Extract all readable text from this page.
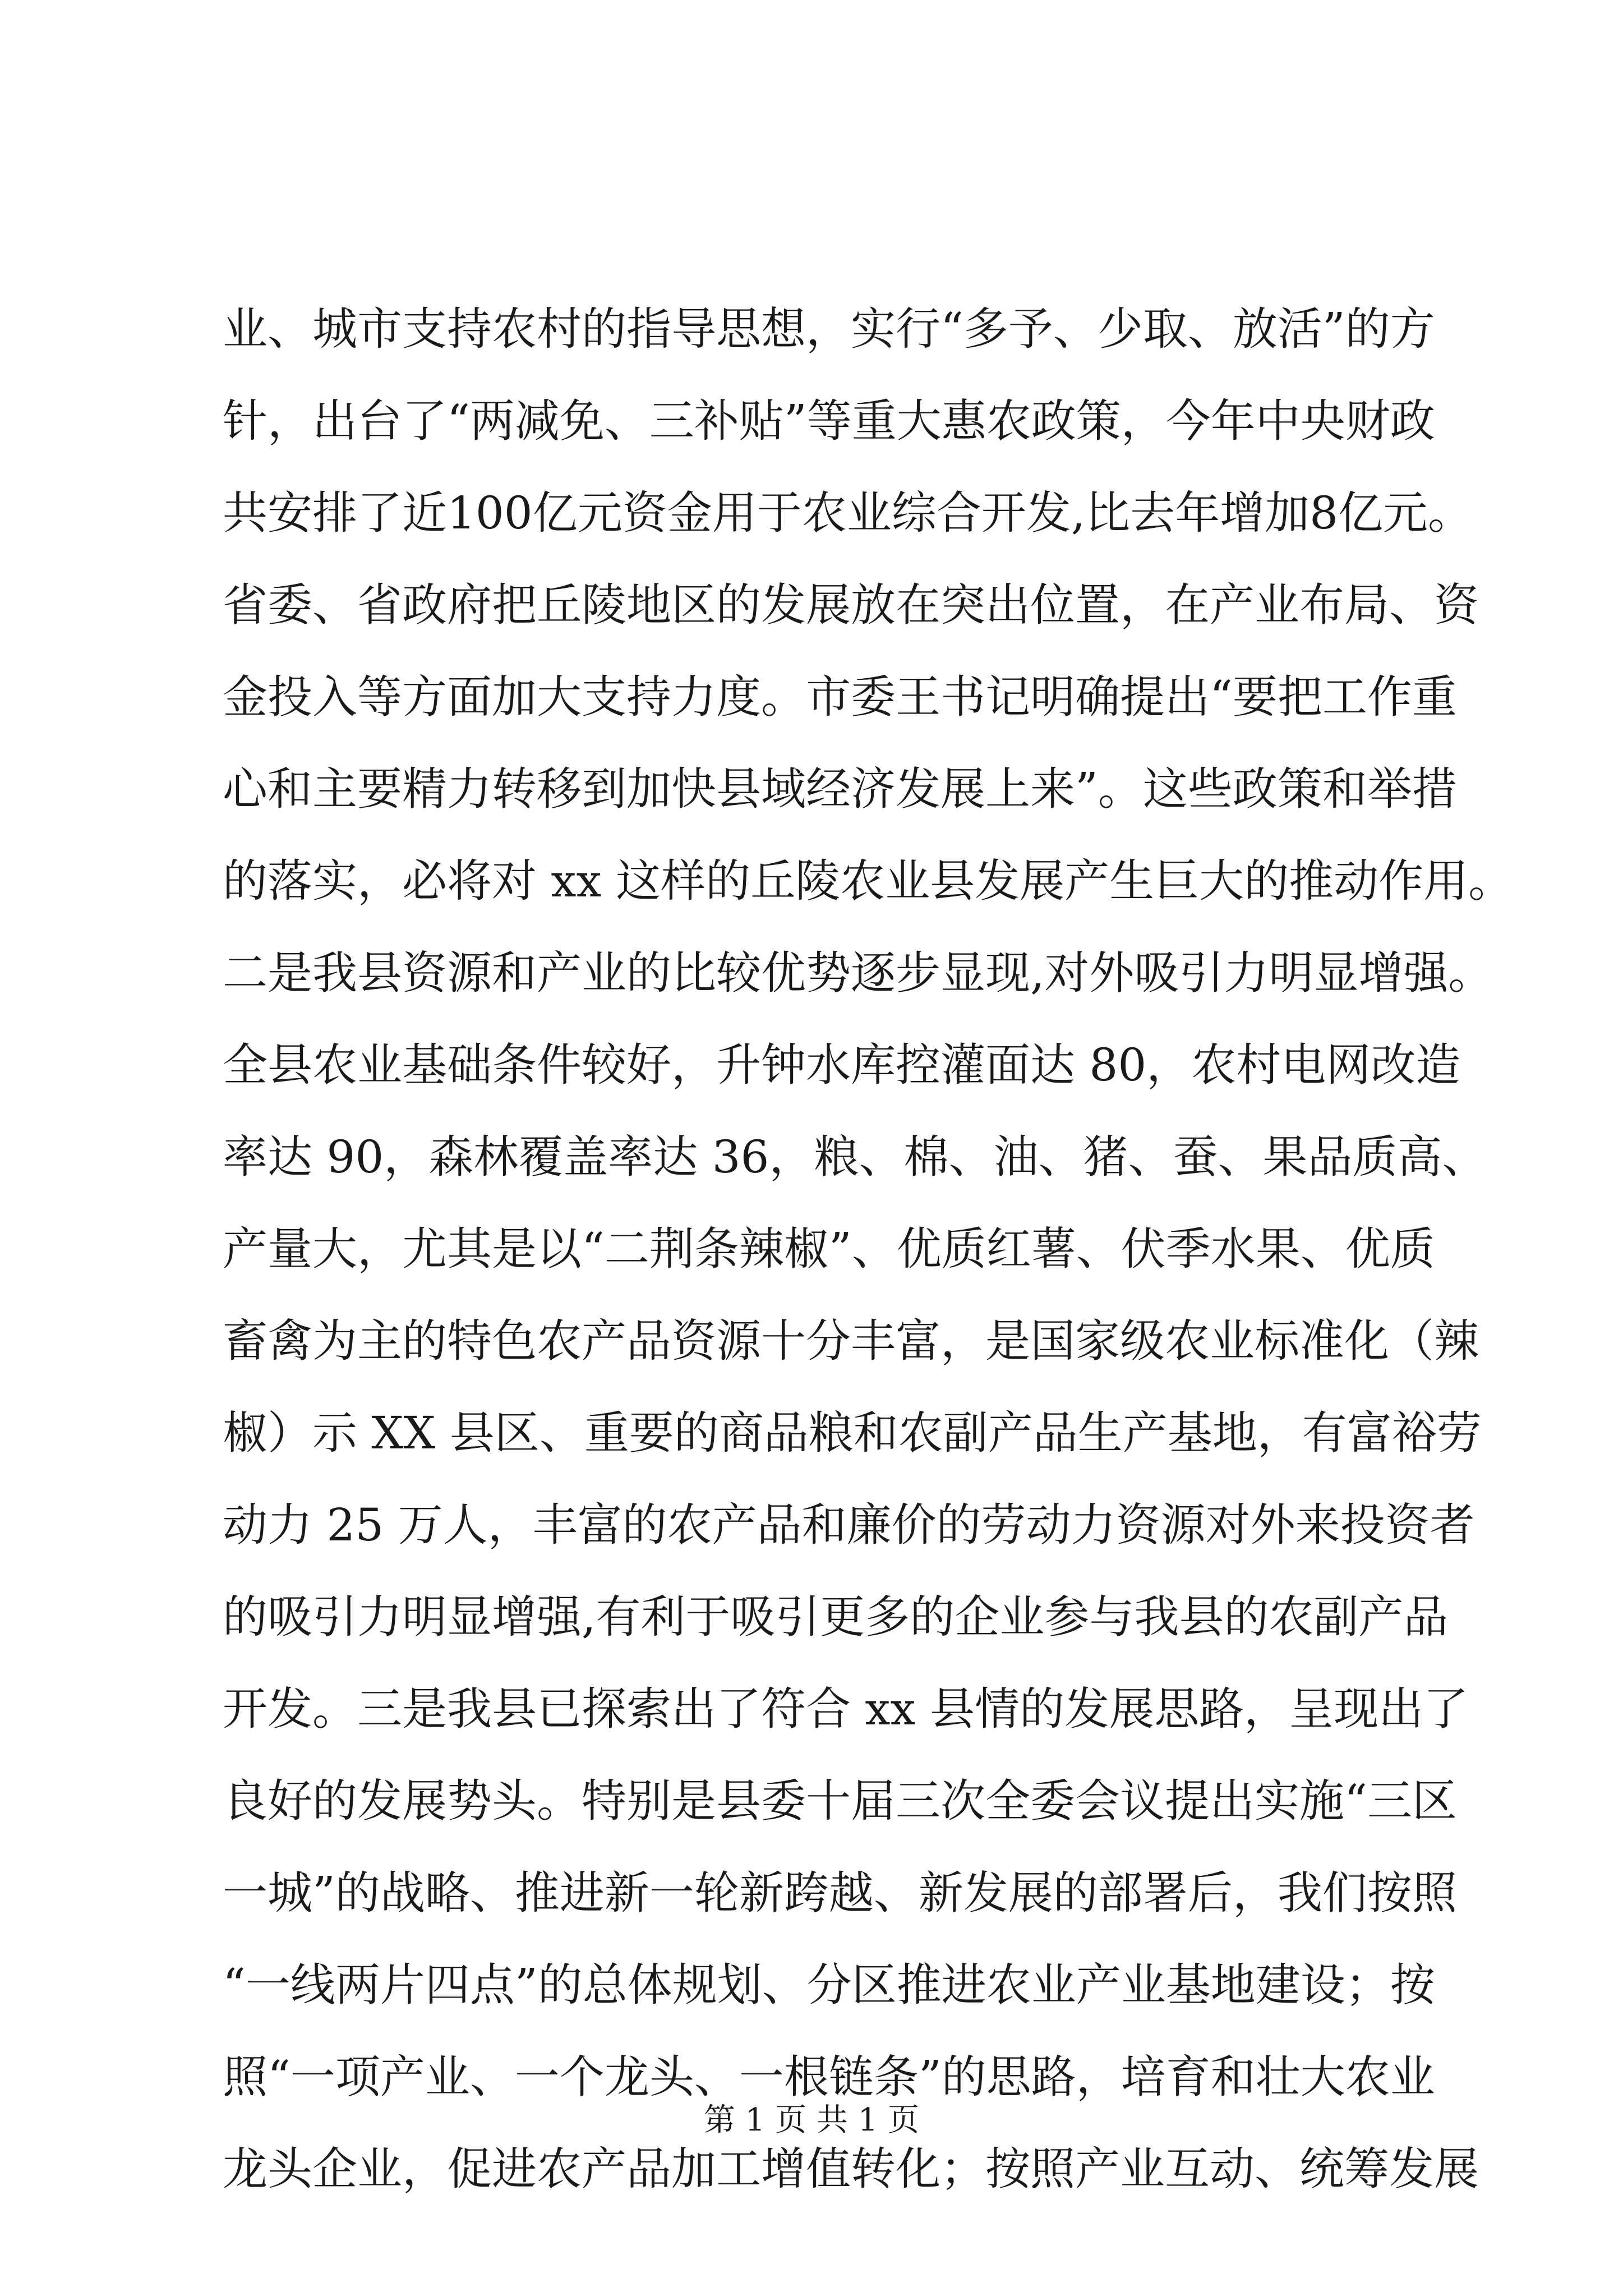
业、城市支持农村的指导思想，实行“多予、少取、放活”的方
针，出台了“两减免、三补贴”等重大惠农政策，今年中央财政
共安排了近100亿元资金用于农业综合开发,比去年增加8亿元。
省委、省政府把丘陵地区的发展放在突出位置，在产业布局、资
金投入等方面加大支持力度。市委王书记明确提出“要把工作重
心和主要精力转移到加快县域经济发展上来”。这些政策和举措
的落实，必将对 xx 这样的丘陵农业县发展产生巨大的推动作用。
二是我县资源和产业的比较优势逐步显现,对外吸引力明显增强。
全县农业基础条件较好，升钟水库控灌面达 80，农村电网改造
率达 90，森林覆盖率达 36，粮、棉、油、猪、蚕、果品质高、
产量大，尤其是以“二荆条辣椒”、优质红薯、伏季水果、优质
畜禽为主的特色农产品资源十分丰富，是国家级农业标准化（辣
椒）示 XX 县区、重要的商品粮和农副产品生产基地，有富裕劳
动力 25 万人，丰富的农产品和廉价的劳动力资源对外来投资者
的吸引力明显增强,有利于吸引更多的企业参与我县的农副产品
开发。三是我县已探索出了符合 xx 县情的发展思路，呈现出了
良好的发展势头。特别是县委十届三次全委会议提出实施“三区
一城”的战略、推进新一轮新跨越、新发展的部署后，我们按照
“一线两片四点”的总体规划、分区推进农业产业基地建设；按
照“一项产业、一个龙头、一根链条”的思路，培育和壮大农业
龙头企业，促进农产品加工增值转化；按照产业互动、统筹发展
第 1 页 共 1 页
